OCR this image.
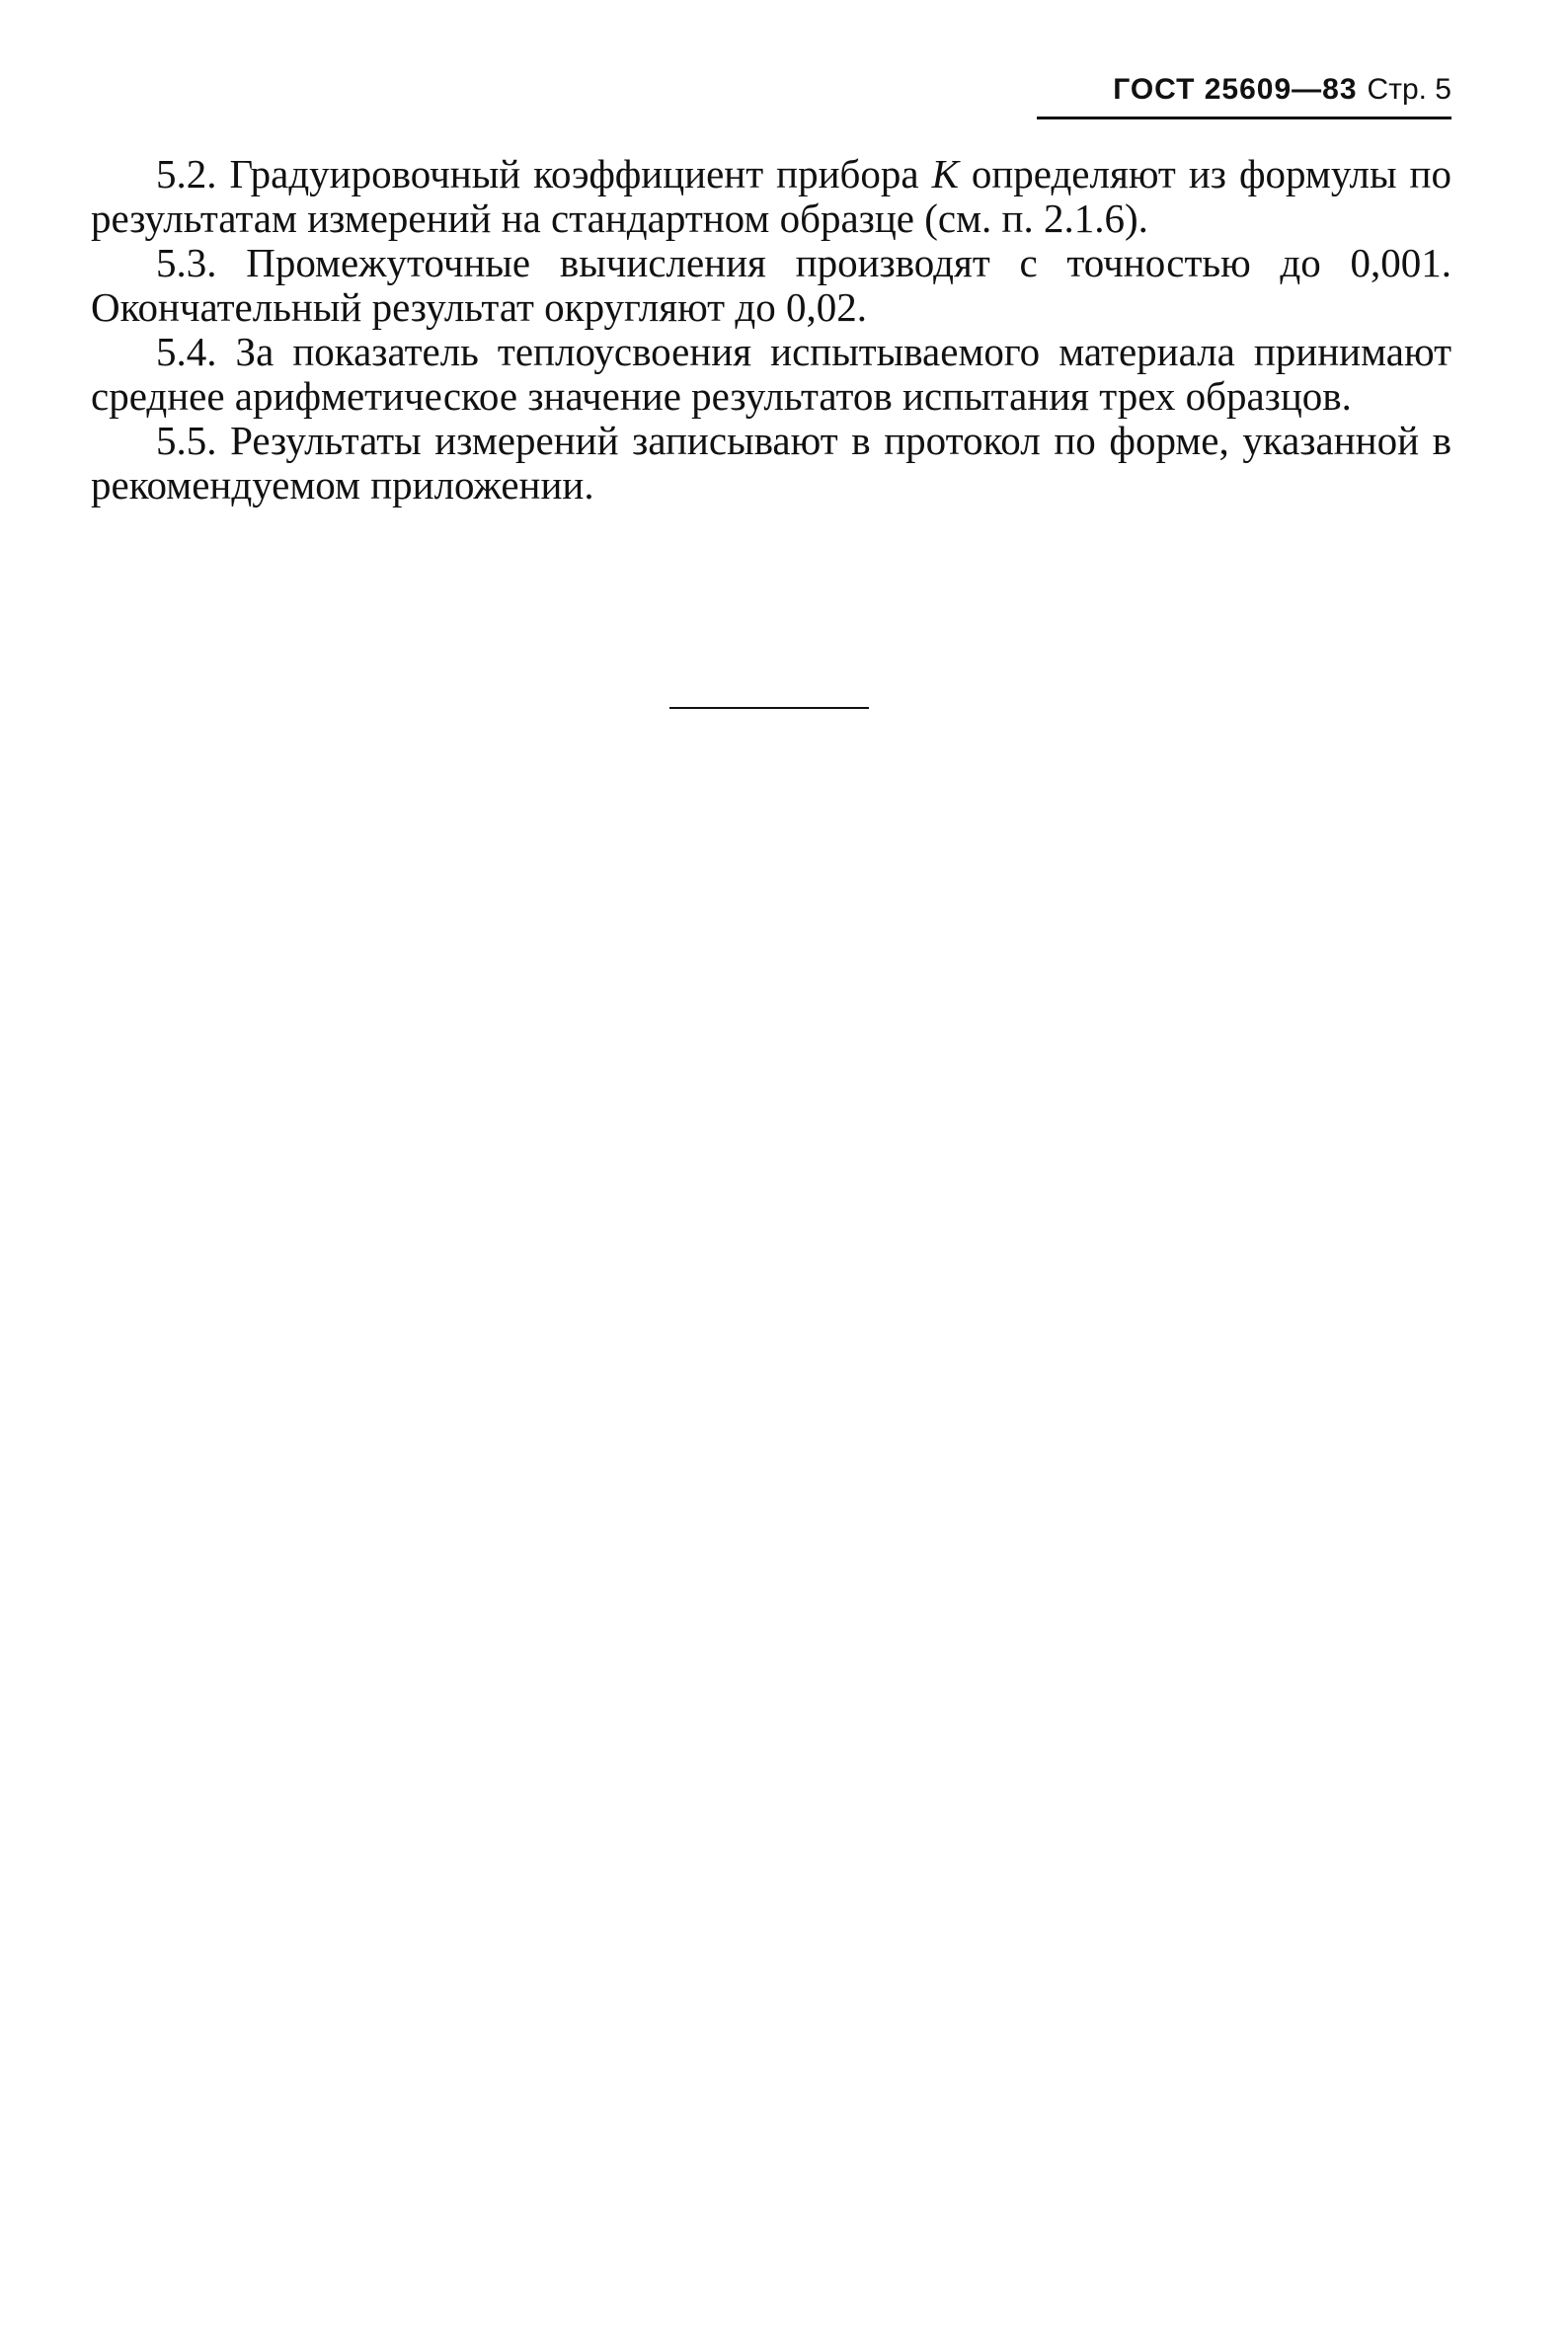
ГОСТ 25609—83 Стр. 5

5.2. Градуировочный коэффициент прибора К определяют из формулы по результатам измерений на стандартном образце (см. п. 2.1.6).

5.3. Промежуточные вычисления производят с точностью до 0,001. Окончательный результат округляют до 0,02.

5.4. За показатель теплоусвоения испытываемого материала принимают среднее арифметическое значение результатов испытания трех образцов.

5.5. Результаты измерений записывают в протокол по форме, указанной в рекомендуемом приложении.
